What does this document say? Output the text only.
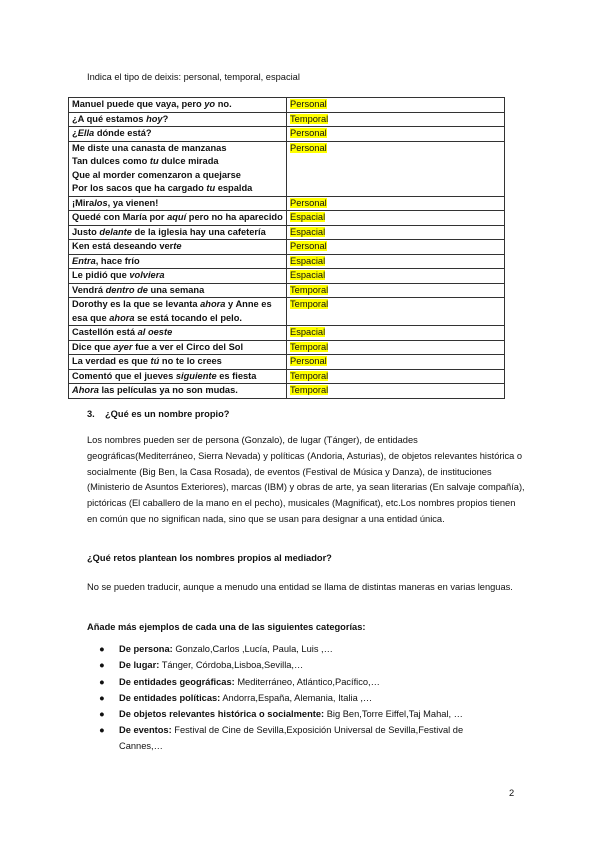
Indica el tipo de deixis: personal, temporal, espacial
Manuel puede que vaya, pero yo no.	Personal
¿A qué estamos hoy?	Temporal
¿Ella dónde está?	Personal
Me diste una canasta de manzanas
Tan dulces como tu dulce mirada
Que al morder comenzaron a quejarse
Por los sacos que ha cargado tu espalda	Personal
¡Miralos, ya vienen!	Personal
Quedé con María por aquí pero no ha aparecido	Espacial
Justo delante de la iglesia hay una cafetería	Espacial
Ken está deseando verte	Personal
Entra, hace frío	Espacial
Le pidió que volviera	Espacial
Vendrá dentro de una semana	Temporal
Dorothy es la que se levanta ahora y Anne es esa que ahora se está tocando el pelo.	Temporal
Castellón está al oeste	Espacial
Dice que ayer fue a ver el Circo del Sol	Temporal
La verdad es que tú no te lo crees	Personal
Comentó que el jueves siguiente es fiesta	Temporal
Ahora las películas ya no son mudas.	Temporal
3. ¿Qué es un nombre propio?
Los nombres pueden ser de persona (Gonzalo), de lugar (Tánger), de entidades geográficas(Mediterráneo, Sierra Nevada) y políticas (Andoria, Asturias), de objetos relevantes histórica o socialmente (Big Ben, la Casa Rosada), de eventos (Festival de Música y Danza), de instituciones (Ministerio de Asuntos Exteriores), marcas (IBM) y obras de arte, ya sean literarias (En salvaje compañía), pictóricas (El caballero de la mano en el pecho), musicales (Magnificat), etc.Los nombres propios tienen en común que no significan nada, sino que se usan para designar a una entidad única.
¿Qué retos plantean los nombres propios al mediador?
No se pueden traducir, aunque a menudo una entidad se llama de distintas maneras en varias lenguas.
Añade más ejemplos de cada una de las siguientes categorías:
● De persona: Gonzalo,Carlos ,Lucía, Paula, Luis ,…
● De lugar: Tánger, Córdoba,Lisboa,Sevilla,…
● De entidades geográficas: Mediterráneo, Atlántico,Pacífico,…
● De entidades políticas: Andorra,España, Alemania, Italia ,…
● De objetos relevantes histórica o socialmente: Big Ben,Torre Eiffel,Taj Mahal, …
● De eventos: Festival de Cine de Sevilla,Exposición Universal de Sevilla,Festival de Cannes,…
2
